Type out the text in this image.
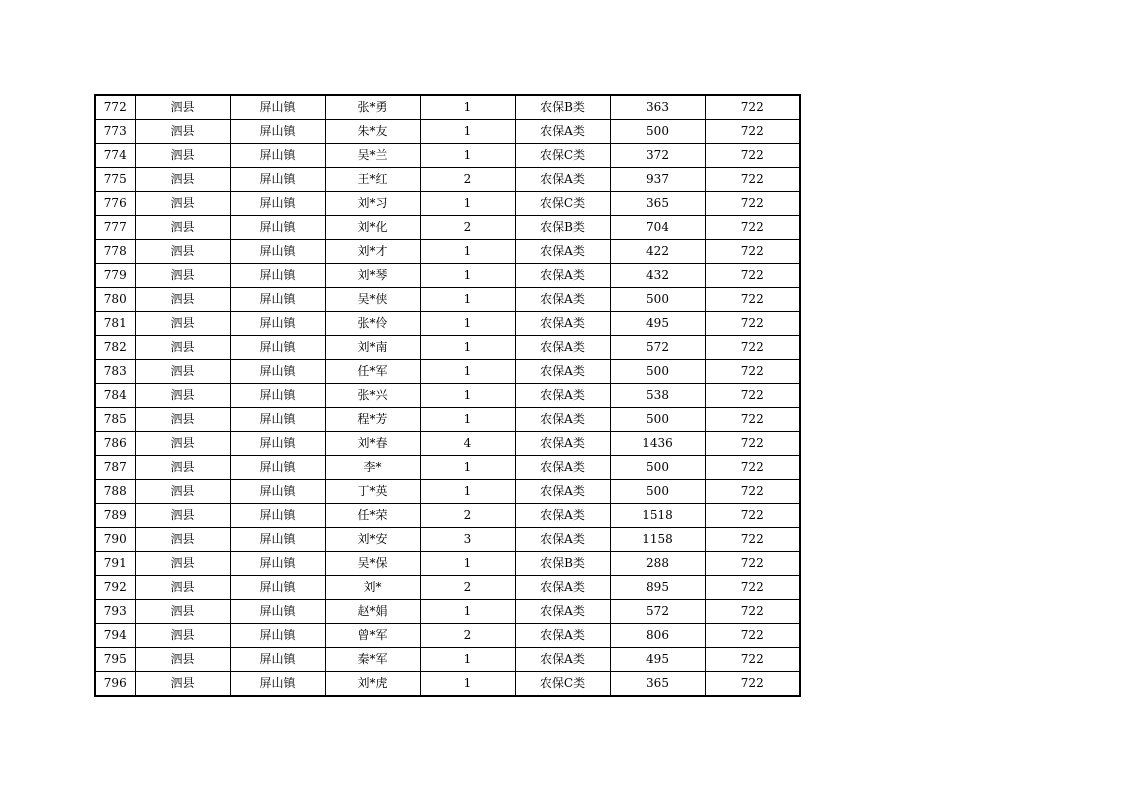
772	泗县	屏山镇	张*勇	1	农保B类	363	722
773	泗县	屏山镇	朱*友	1	农保A类	500	722
774	泗县	屏山镇	吴*兰	1	农保C类	372	722
775	泗县	屏山镇	王*红	2	农保A类	937	722
776	泗县	屏山镇	刘*习	1	农保C类	365	722
777	泗县	屏山镇	刘*化	2	农保B类	704	722
778	泗县	屏山镇	刘*才	1	农保A类	422	722
779	泗县	屏山镇	刘*琴	1	农保A类	432	722
780	泗县	屏山镇	吴*侠	1	农保A类	500	722
781	泗县	屏山镇	张*伶	1	农保A类	495	722
782	泗县	屏山镇	刘*南	1	农保A类	572	722
783	泗县	屏山镇	任*军	1	农保A类	500	722
784	泗县	屏山镇	张*兴	1	农保A类	538	722
785	泗县	屏山镇	程*芳	1	农保A类	500	722
786	泗县	屏山镇	刘*春	4	农保A类	1436	722
787	泗县	屏山镇	李*	1	农保A类	500	722
788	泗县	屏山镇	丁*英	1	农保A类	500	722
789	泗县	屏山镇	任*荣	2	农保A类	1518	722
790	泗县	屏山镇	刘*安	3	农保A类	1158	722
791	泗县	屏山镇	吴*保	1	农保B类	288	722
792	泗县	屏山镇	刘*	2	农保A类	895	722
793	泗县	屏山镇	赵*娟	1	农保A类	572	722
794	泗县	屏山镇	曾*军	2	农保A类	806	722
795	泗县	屏山镇	秦*军	1	农保A类	495	722
796	泗县	屏山镇	刘*虎	1	农保C类	365	722
